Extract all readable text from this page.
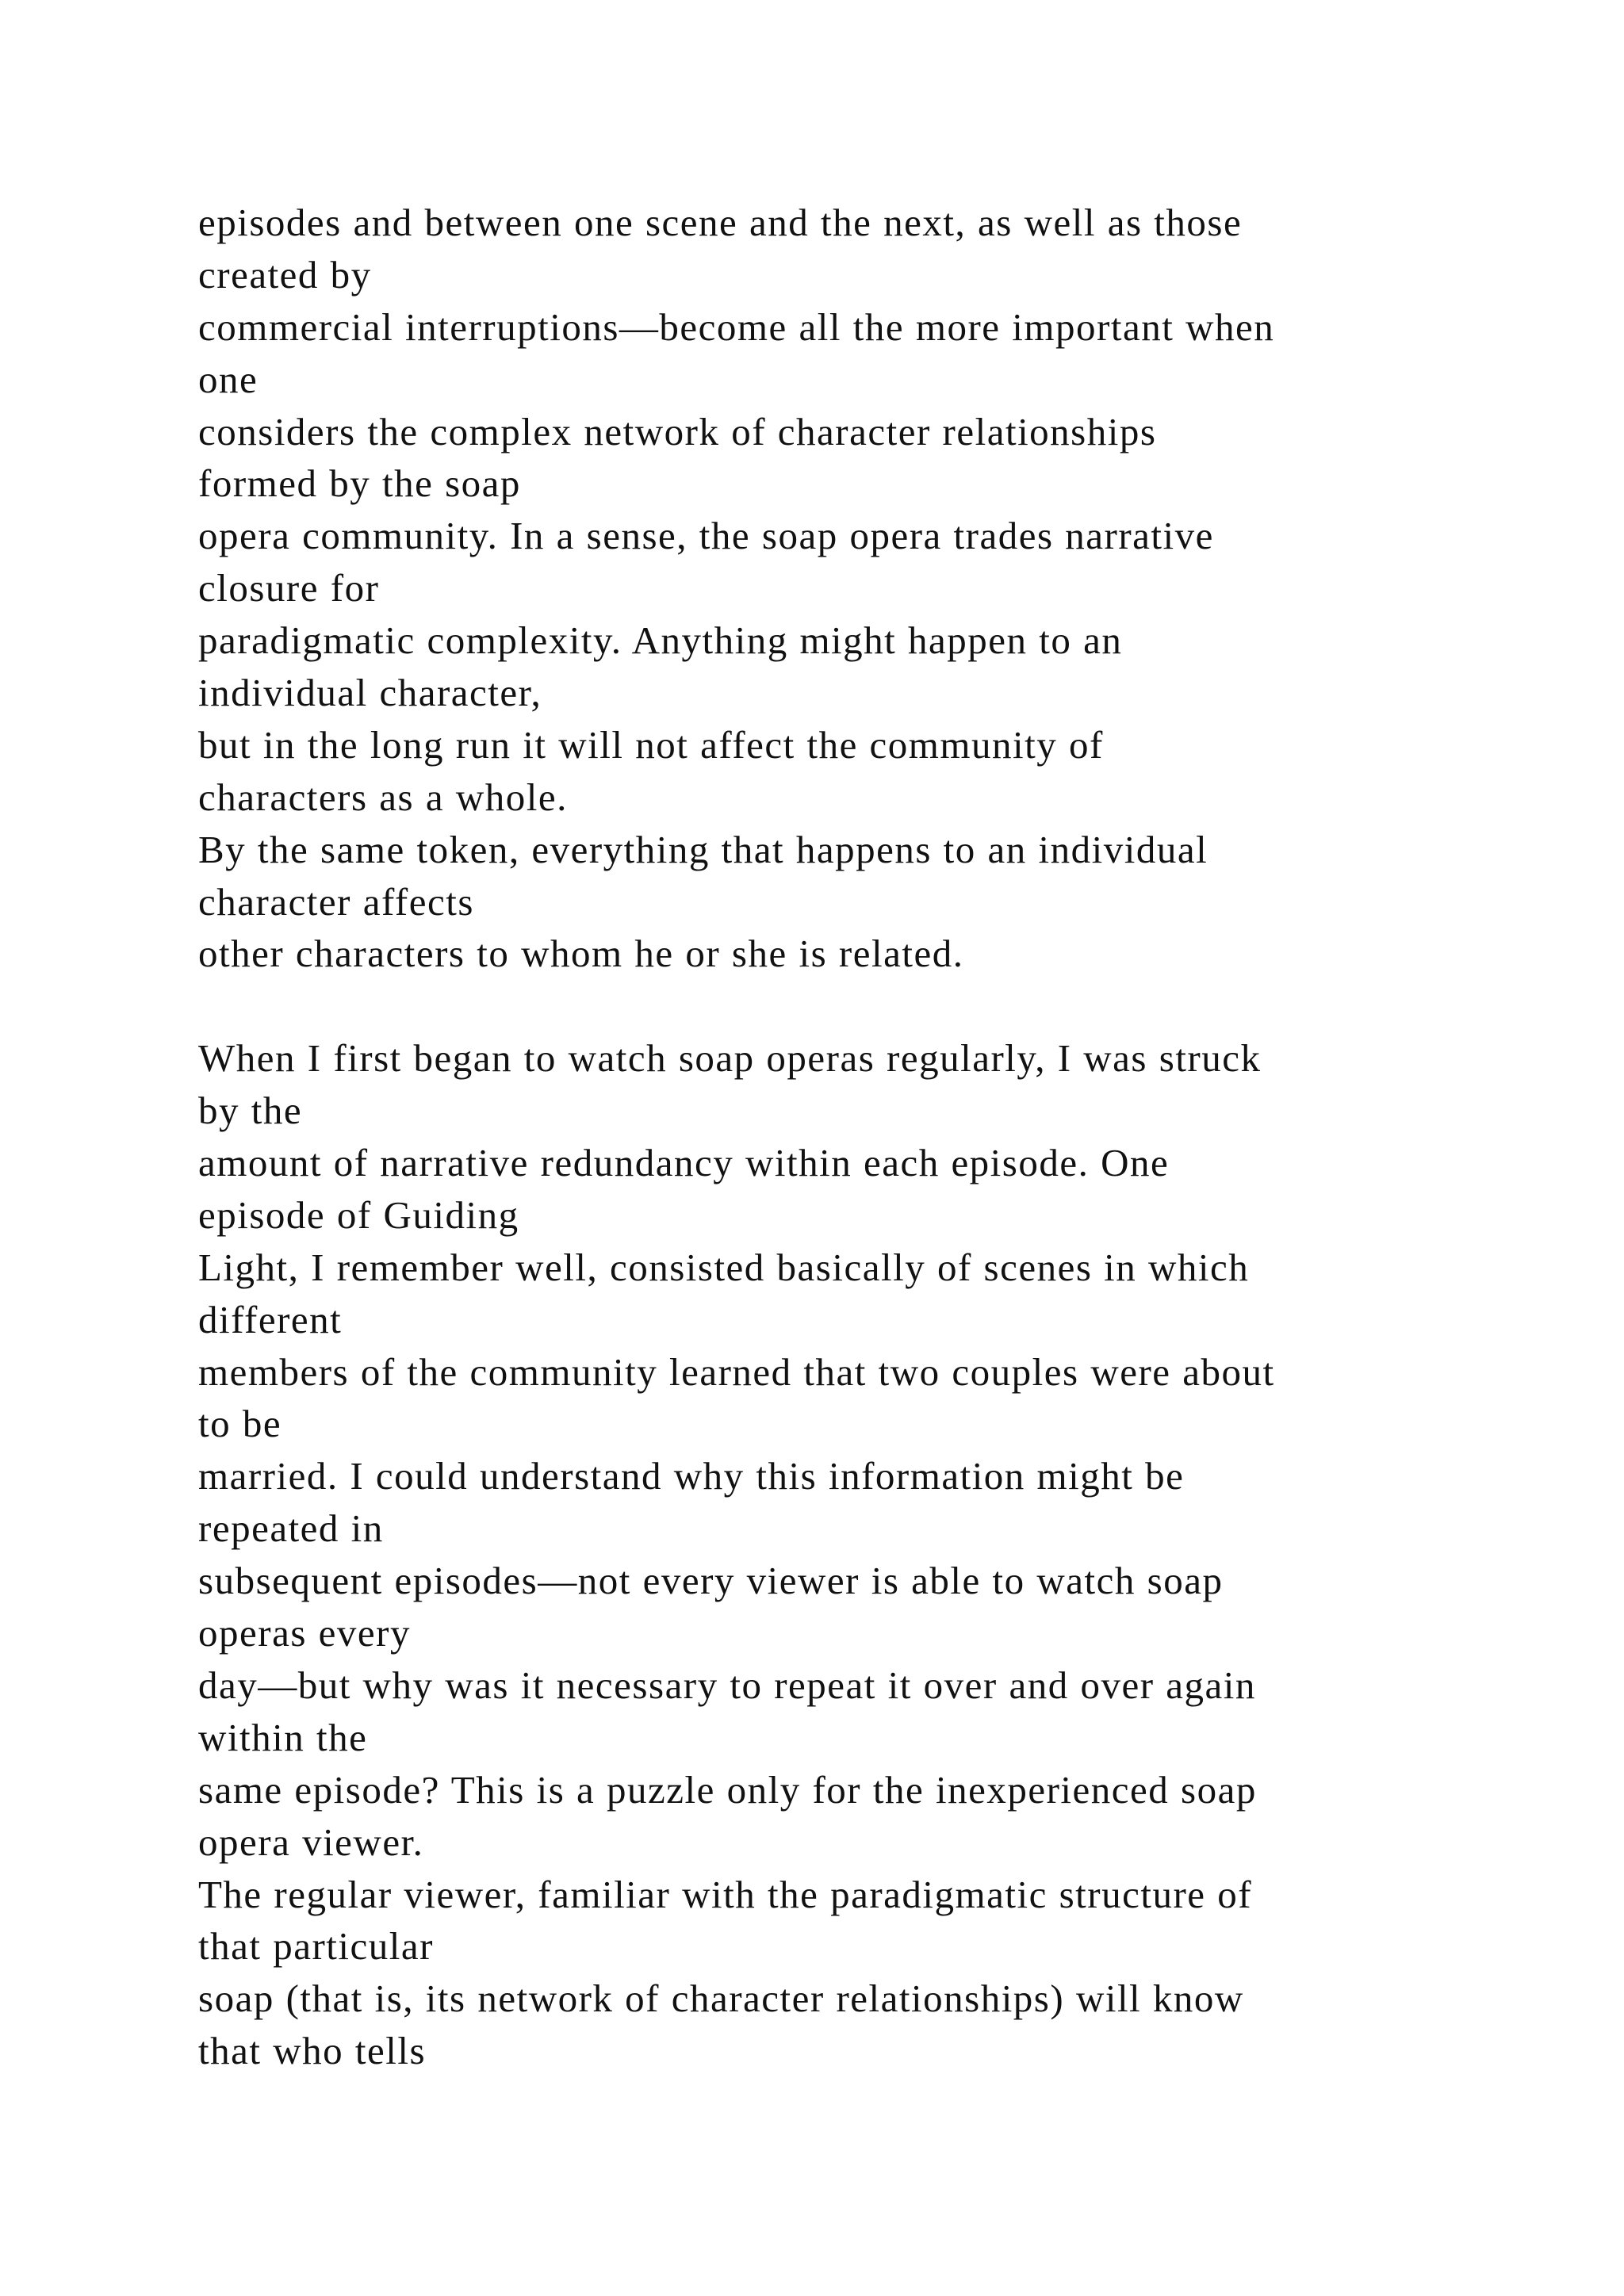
episodes and between one scene and the next, as well as those
created by
commercial interruptions—become all the more important when
one
considers the complex network of character relationships
formed by the soap
opera community. In a sense, the soap opera trades narrative
closure for
paradigmatic complexity. Anything might happen to an
individual character,
but in the long run it will not affect the community of
characters as a whole.
By the same token, everything that happens to an individual
character affects
other characters to whom he or she is related.
When I first began to watch soap operas regularly, I was struck
by the
amount of narrative redundancy within each episode. One
episode of Guiding
Light, I remember well, consisted basically of scenes in which
different
members of the community learned that two couples were about
to be
married. I could understand why this information might be
repeated in
subsequent episodes—not every viewer is able to watch soap
operas every
day—but why was it necessary to repeat it over and over again
within the
same episode? This is a puzzle only for the inexperienced soap
opera viewer.
The regular viewer, familiar with the paradigmatic structure of
that particular
soap (that is, its network of character relationships) will know
that who tells
